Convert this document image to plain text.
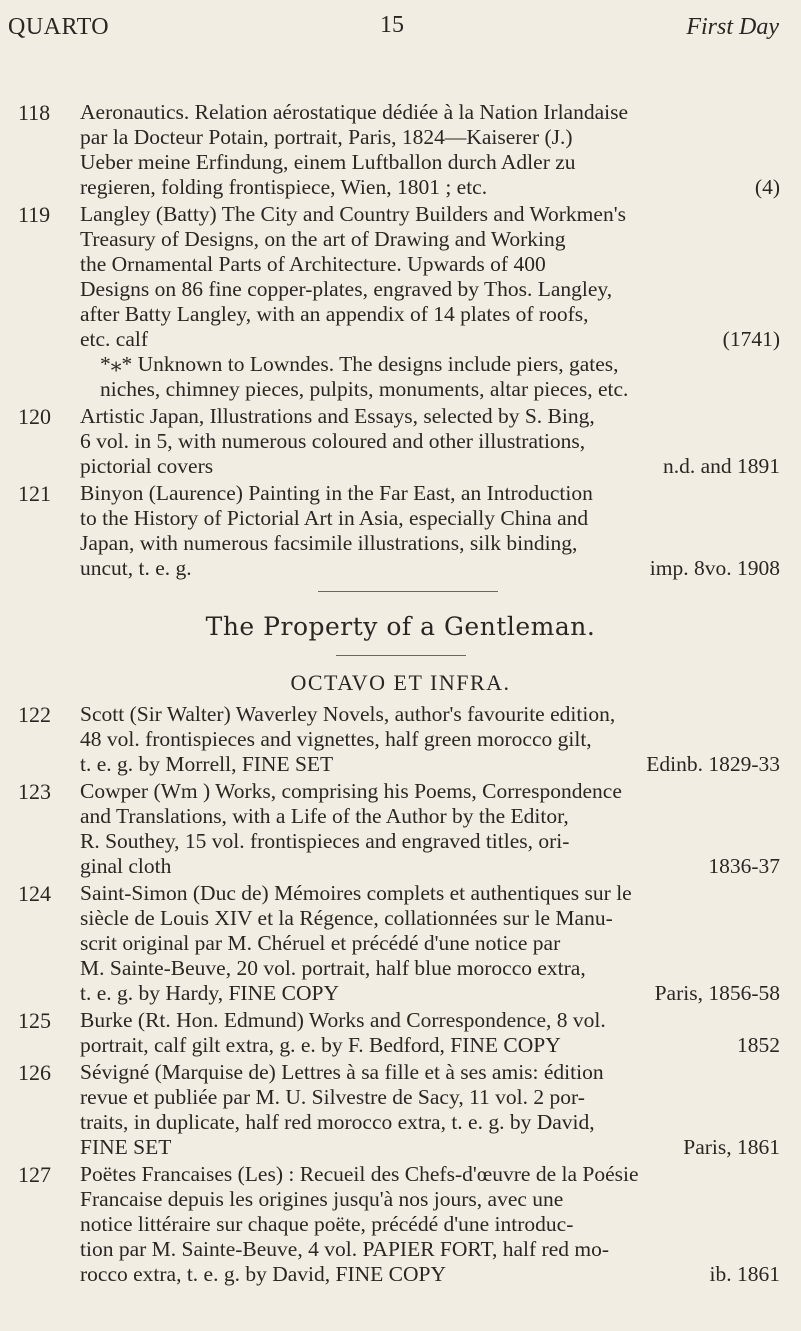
QUARTO	15	First Day
118	Aeronautics. Relation aérostatique dédiée à la Nation Irlandaise
par la Docteur Potain, portrait, Paris, 1824—Kaiserer (J.)
Ueber meine Erfindung, einem Luftballon durch Adler zu
regieren, folding frontispiece, Wien, 1801 ; etc.	(4)
119	Langley (Batty) The City and Country Builders and Workmen's
Treasury of Designs, on the art of Drawing and Working
the Ornamental Parts of Architecture. Upwards of 400
Designs on 86 fine copper-plates, engraved by Thos. Langley,
after Batty Langley, with an appendix of 14 plates of roofs,
etc. calf	(1741)
*⁎* Unknown to Lowndes. The designs include piers, gates,
niches, chimney pieces, pulpits, monuments, altar pieces, etc.
120	Artistic Japan, Illustrations and Essays, selected by S. Bing,
6 vol. in 5, with numerous coloured and other illustrations,
pictorial covers	n.d. and 1891
121	Binyon (Laurence) Painting in the Far East, an Introduction
to the History of Pictorial Art in Asia, especially China and
Japan, with numerous facsimile illustrations, silk binding,
uncut, t. e. g.	imp. 8vo. 1908
The Property of a Gentleman.
OCTAVO ET INFRA.
122	Scott (Sir Walter) Waverley Novels, author's favourite edition,
48 vol. frontispieces and vignettes, half green morocco gilt,
t. e. g. by Morrell, FINE SET	Edinb. 1829-33
123	Cowper (Wm ) Works, comprising his Poems, Correspondence
and Translations, with a Life of the Author by the Editor,
R. Southey, 15 vol. frontispieces and engraved titles, ori-
ginal cloth	1836-37
124	Saint-Simon (Duc de) Mémoires complets et authentiques sur le
siècle de Louis XIV et la Régence, collationnées sur le Manu-
scrit original par M. Chéruel et précédé d'une notice par
M. Sainte-Beuve, 20 vol. portrait, half blue morocco extra,
t. e. g. by Hardy, FINE COPY	Paris, 1856-58
125	Burke (Rt. Hon. Edmund) Works and Correspondence, 8 vol.
portrait, calf gilt extra, g. e. by F. Bedford, FINE COPY	1852
126	Sévigné (Marquise de) Lettres à sa fille et à ses amis: édition
revue et publiée par M. U. Silvestre de Sacy, 11 vol. 2 por-
traits, in duplicate, half red morocco extra, t. e. g. by David,
FINE SET	Paris, 1861
127	Poëtes Francaises (Les) : Recueil des Chefs-d'œuvre de la Poésie
Francaise depuis les origines jusqu'à nos jours, avec une
notice littéraire sur chaque poëte, précédé d'une introduc-
tion par M. Sainte-Beuve, 4 vol. PAPIER FORT, half red mo-
rocco extra, t. e. g. by David, FINE COPY	ib. 1861
